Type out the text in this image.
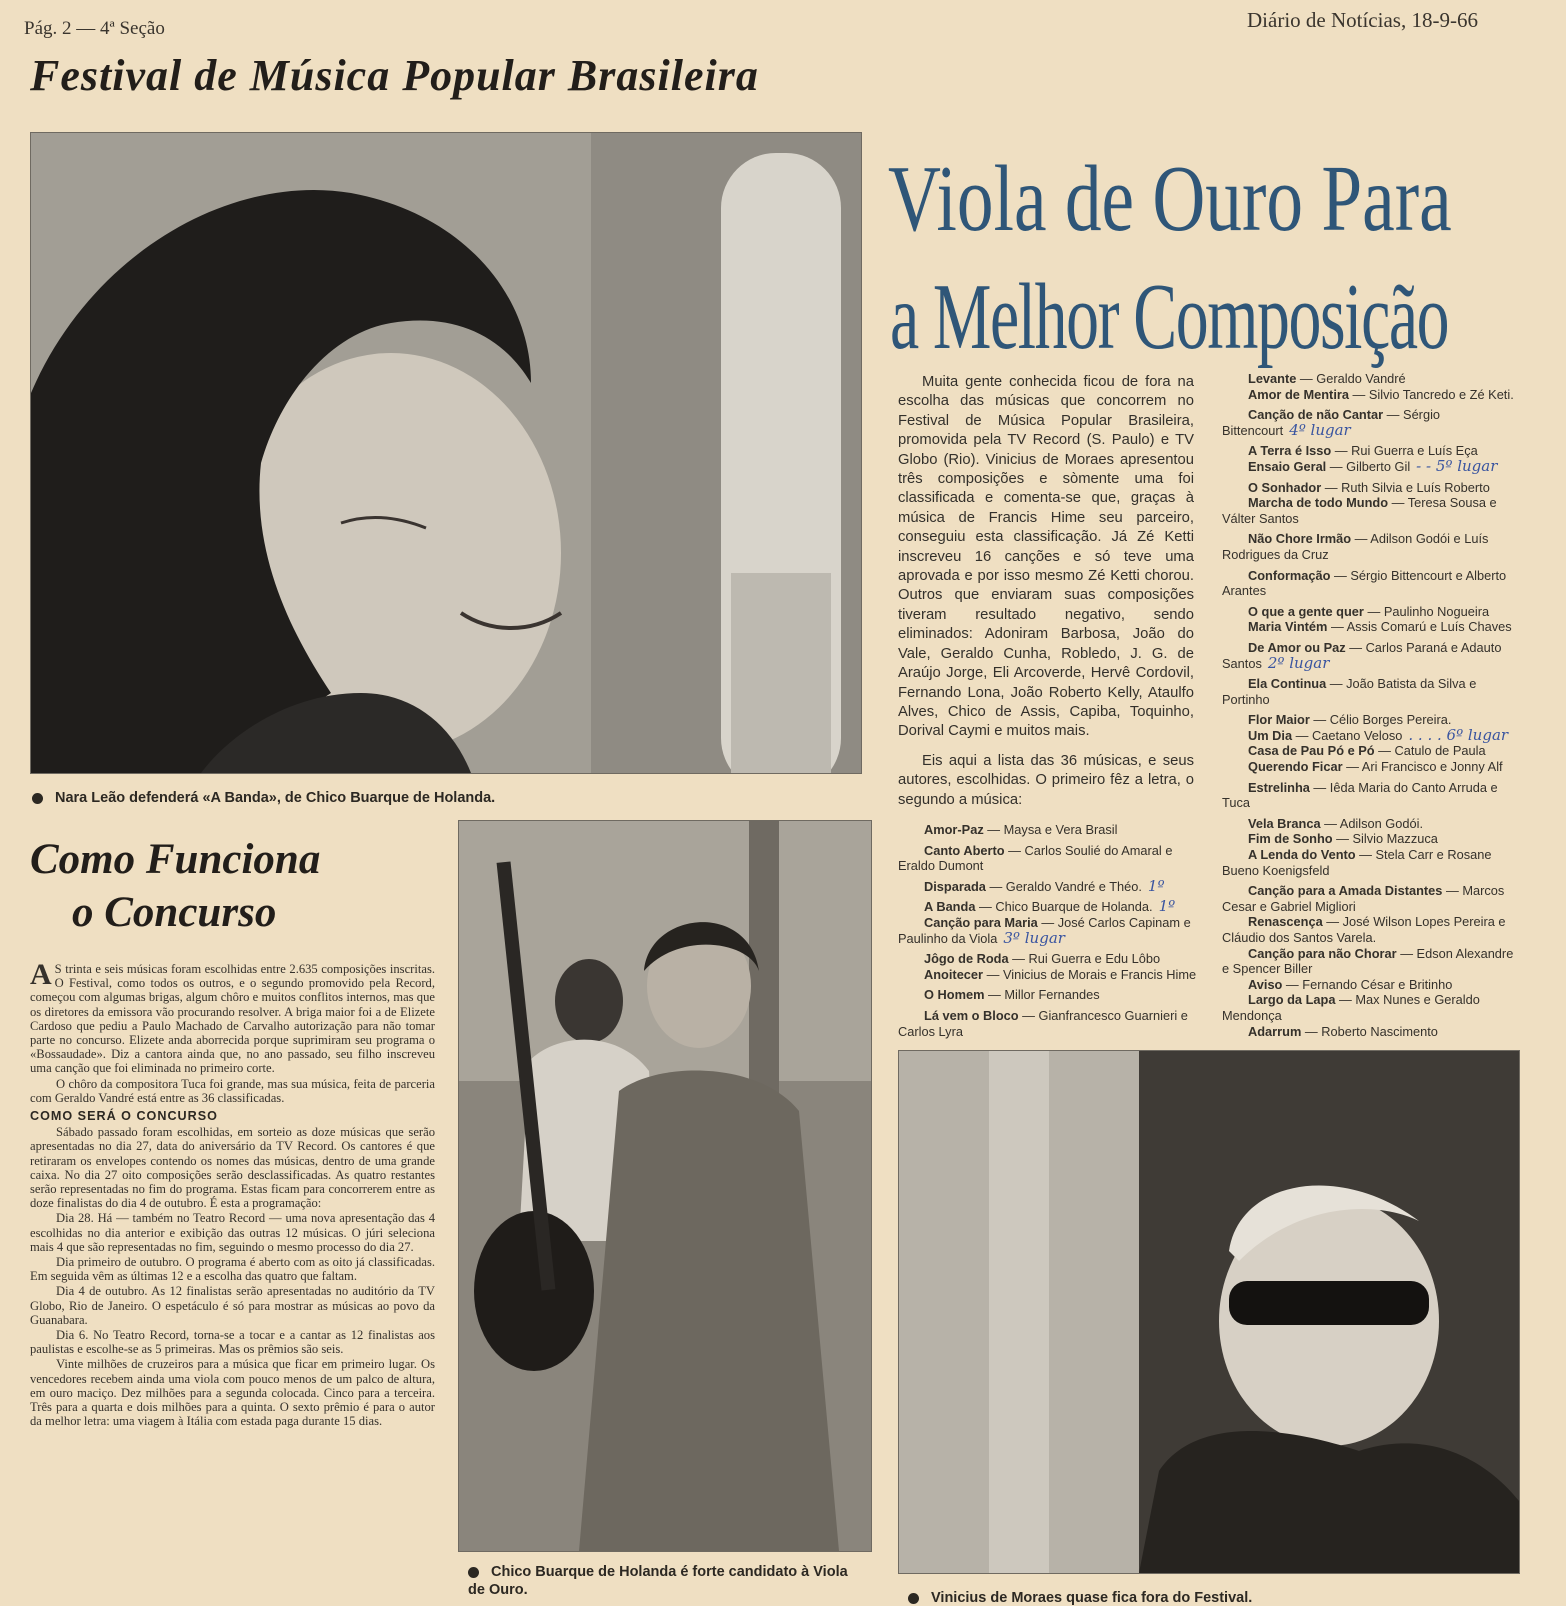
Pág. 2 — 4ª Seção	Diário de Notícias, 18-9-66
Festival de Música Popular Brasileira
Nara Leão defenderá «A Banda», de Chico Buarque de Holanda.
Viola de Ouro Para
a Melhor Composição

Muita gente conhecida ficou de fora na escolha das músicas que concorrem no Festival de Música Popular Brasileira, promovida pela TV Record (S. Paulo) e TV Globo (Rio). Vinicius de Moraes apresentou três composições e sòmente uma foi classificada e comenta-se que, graças à música de Francis Hime seu parceiro, conseguiu esta classificação. Já Zé Ketti inscreveu 16 canções e só teve uma aprovada e por isso mesmo Zé Ketti chorou. Outros que enviaram suas composições tiveram resultado negativo, sendo eliminados: Adoniram Barbosa, João do Vale, Geraldo Cunha, Robledo, J. G. de Araújo Jorge, Eli Arcoverde, Hervê Cordovil, Fernando Lona, João Roberto Kelly, Ataulfo Alves, Chico de Assis, Capiba, Toquinho, Dorival Caymi e muitos mais.

Eis aqui a lista das 36 músicas, e seus autores, escolhidas. O primeiro fêz a letra, o segundo a música:

Amor-Paz — Maysa e Vera Brasil
Canto Aberto — Carlos Soulié do Amaral e Eraldo Dumont
Disparada — Geraldo Vandré e Théo. 1º
A Banda — Chico Buarque de Holanda. 1º
Canção para Maria — José Carlos Capinam e Paulinho da Viola 3º lugar
Jôgo de Roda — Rui Guerra e Edu Lôbo
Anoitecer — Vinicius de Morais e Francis Hime
O Homem — Millor Fernandes
Lá vem o Bloco — Gianfrancesco Guarnieri e Carlos Lyra
Levante — Geraldo Vandré
Amor de Mentira — Silvio Tancredo e Zé Keti.
Canção de não Cantar — Sérgio Bittencourt 4º lugar
A Terra é Isso — Rui Guerra e Luís Eça
Ensaio Geral — Gilberto Gil - - 5º lugar
O Sonhador — Ruth Silvia e Luís Roberto
Marcha de todo Mundo — Teresa Sousa e Válter Santos
Não Chore Irmão — Adilson Godói e Luís Rodrigues da Cruz
Conformação — Sérgio Bittencourt e Alberto Arantes
O que a gente quer — Paulinho Nogueira
Maria Vintém — Assis Comarú e Luís Chaves
De Amor ou Paz — Carlos Paraná e Adauto Santos 2º lugar
Ela Continua — João Batista da Silva e Portinho
Flor Maior — Célio Borges Pereira.
Um Dia — Caetano Veloso . . . . 6º lugar
Casa de Pau Pó e Pó — Catulo de Paula
Querendo Ficar — Ari Francisco e Jonny Alf
Estrelinha — Iêda Maria do Canto Arruda e Tuca
Vela Branca — Adilson Godói.
Fim de Sonho — Silvio Mazzuca
A Lenda do Vento — Stela Carr e Rosane Bueno Koenigsfeld
Canção para a Amada Distantes — Marcos Cesar e Gabriel Migliori
Renascença — José Wilson Lopes Pereira e Cláudio dos Santos Varela.
Canção para não Chorar — Edson Alexandre e Spencer Biller
Aviso — Fernando César e Britinho
Largo da Lapa — Max Nunes e Geraldo Mendonça
Adarrum — Roberto Nascimento
Como Funciona
o Concurso

A S trinta e seis músicas foram escolhidas entre 2.635 composições inscritas. O Festival, como todos os outros, e o segundo promovido pela Record, começou com algumas brigas, algum chôro e muitos conflitos internos, mas que os diretores da emissora vão procurando resolver. A briga maior foi a de Elizete Cardoso que pediu a Paulo Machado de Carvalho autorização para não tomar parte no concurso. Elizete anda aborrecida porque suprimiram seu programa o «Bossaudade». Diz a cantora ainda que, no ano passado, seu filho inscreveu uma canção que foi eliminada no primeiro corte.

O chôro da compositora Tuca foi grande, mas sua música, feita de parceria com Geraldo Vandré está entre as 36 classificadas.

COMO SERÁ O CONCURSO

Sábado passado foram escolhidas, em sorteio as doze músicas que serão apresentadas no dia 27, data do aniversário da TV Record. Os cantores é que retiraram os envelopes contendo os nomes das músicas, dentro de uma grande caixa. No dia 27 oito composições serão desclassificadas. As quatro restantes serão representadas no fim do programa. Estas ficam para concorrerem entre as doze finalistas do dia 4 de outubro. É esta a programação:

Dia 28. Há — também no Teatro Record — uma nova apresentação das 4 escolhidas no dia anterior e exibição das outras 12 músicas. O júri seleciona mais 4 que são representadas no fim, seguindo o mesmo processo do dia 27.

Dia primeiro de outubro. O programa é aberto com as oito já classificadas. Em seguida vêm as últimas 12 e a escolha das quatro que faltam.

Dia 4 de outubro. As 12 finalistas serão apresentadas no auditório da TV Globo, Rio de Janeiro. O espetáculo é só para mostrar as músicas ao povo da Guanabara.

Dia 6. No Teatro Record, torna-se a tocar e a cantar as 12 finalistas aos paulistas e escolhe-se as 5 primeiras. Mas os prêmios são seis.

Vinte milhões de cruzeiros para a música que ficar em primeiro lugar. Os vencedores recebem ainda uma viola com pouco menos de um palco de altura, em ouro maciço. Dez milhões para a segunda colocada. Cinco para a terceira. Três para a quarta e dois milhões para a quinta. O sexto prêmio é para o autor da melhor letra: uma viagem à Itália com estada paga durante 15 dias.

Chico Buarque de Holanda é forte candidato à Viola de Ouro.	Vinicius de Moraes quase fica fora do Festival.
